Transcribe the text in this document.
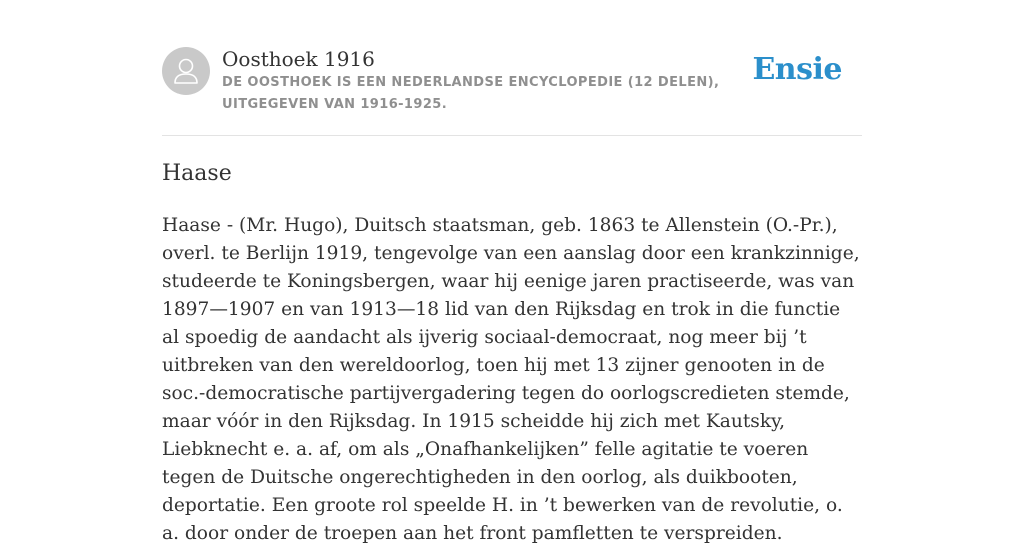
Oosthoek 1916
DE OOSTHOEK IS EEN NEDERLANDSE ENCYCLOPEDIE (12 DELEN), UITGEGEVEN VAN 1916-1925.
Ensie
Haase

Haase - (Mr. Hugo), Duitsch staatsman, geb. 1863 te Allenstein (O.-Pr.), overl. te Berlijn 1919, tengevolge van een aanslag door een krankzinnige, studeerde te Koningsbergen, waar hij eenige jaren practiseerde, was van 1897—1907 en van 1913—18 lid van den Rijksdag en trok in die functie al spoedig de aandacht als ijverig sociaal-democraat, nog meer bij ’t uitbreken van den wereldoorlog, toen hij met 13 zijner genooten in de soc.-democratische partijvergadering tegen do oorlogscredieten stemde, maar vóór in den Rijksdag. In 1915 scheidde hij zich met Kautsky, Liebknecht e. a. af, om als „Onafhankelijken” felle agitatie te voeren tegen de Duitsche ongerechtigheden in den oorlog, als duikbooten, deportatie. Een groote rol speelde H. in ’t bewerken van de revolutie, o. a. door onder de troepen aan het front pamfletten te verspreiden.
